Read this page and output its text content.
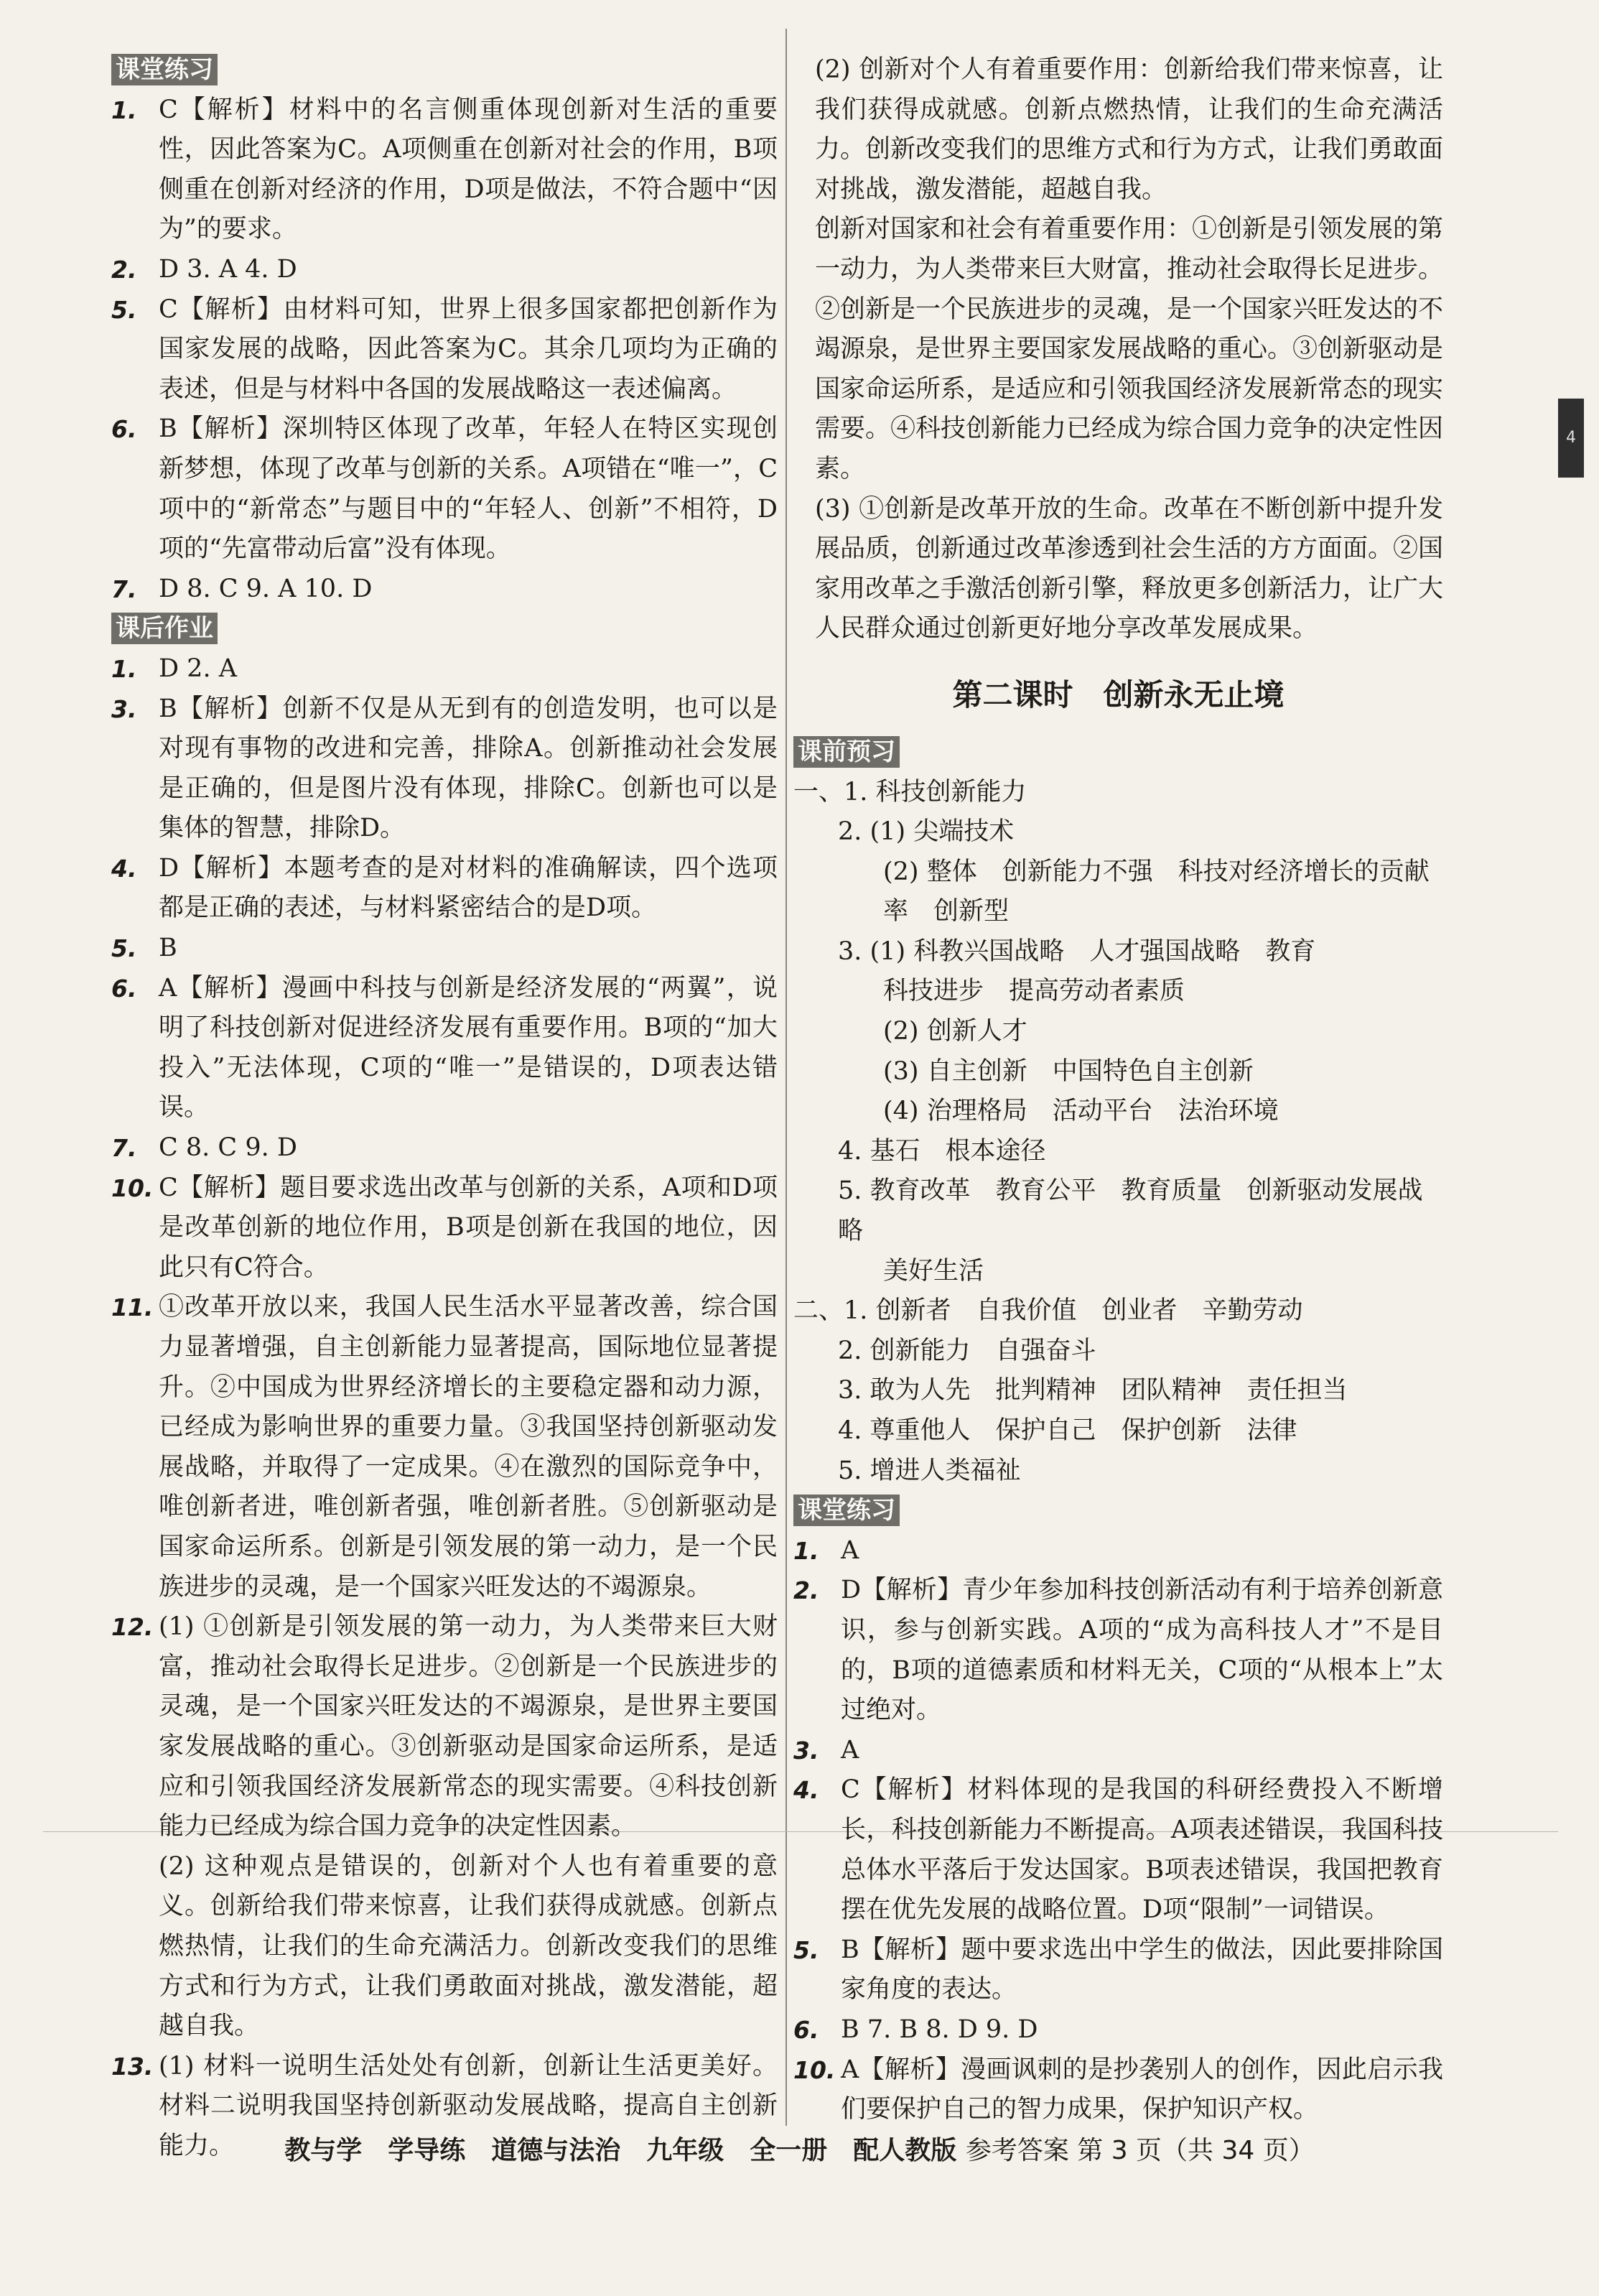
4
课堂练习
1. C【解析】材料中的名言侧重体现创新对生活的重要性，因此答案为C。A项侧重在创新对社会的作用，B项侧重在创新对经济的作用，D项是做法，不符合题中“因为”的要求。
2. D 3. A 4. D
5. C【解析】由材料可知，世界上很多国家都把创新作为国家发展的战略，因此答案为C。其余几项均为正确的表述，但是与材料中各国的发展战略这一表述偏离。
6. B【解析】深圳特区体现了改革，年轻人在特区实现创新梦想，体现了改革与创新的关系。A项错在“唯一”，C项中的“新常态”与题目中的“年轻人、创新”不相符，D项的“先富带动后富”没有体现。
7. D 8. C 9. A 10. D
课后作业
1. D 2. A
3. B【解析】创新不仅是从无到有的创造发明，也可以是对现有事物的改进和完善，排除A。创新推动社会发展是正确的，但是图片没有体现，排除C。创新也可以是集体的智慧，排除D。
4. D【解析】本题考查的是对材料的准确解读，四个选项都是正确的表述，与材料紧密结合的是D项。
5. B
6. A【解析】漫画中科技与创新是经济发展的“两翼”，说明了科技创新对促进经济发展有重要作用。B项的“加大投入”无法体现，C项的“唯一”是错误的，D项表达错误。
7. C 8. C 9. D
10. C【解析】题目要求选出改革与创新的关系，A项和D项是改革创新的地位作用，B项是创新在我国的地位，因此只有C符合。
11. ①改革开放以来，我国人民生活水平显著改善，综合国力显著增强，自主创新能力显著提高，国际地位显著提升。②中国成为世界经济增长的主要稳定器和动力源，已经成为影响世界的重要力量。③我国坚持创新驱动发展战略，并取得了一定成果。④在激烈的国际竞争中，唯创新者进，唯创新者强，唯创新者胜。⑤创新驱动是国家命运所系。创新是引领发展的第一动力，是一个民族进步的灵魂，是一个国家兴旺发达的不竭源泉。
12. (1) ①创新是引领发展的第一动力，为人类带来巨大财富，推动社会取得长足进步。②创新是一个民族进步的灵魂，是一个国家兴旺发达的不竭源泉，是世界主要国家发展战略的重心。③创新驱动是国家命运所系，是适应和引领我国经济发展新常态的现实需要。④科技创新能力已经成为综合国力竞争的决定性因素。
(2) 这种观点是错误的，创新对个人也有着重要的意义。创新给我们带来惊喜，让我们获得成就感。创新点燃热情，让我们的生命充满活力。创新改变我们的思维方式和行为方式，让我们勇敢面对挑战，激发潜能，超越自我。
13. (1) 材料一说明生活处处有创新，创新让生活更美好。材料二说明我国坚持创新驱动发展战略，提高自主创新能力。
(2) 创新对个人有着重要作用：创新给我们带来惊喜，让我们获得成就感。创新点燃热情，让我们的生命充满活力。创新改变我们的思维方式和行为方式，让我们勇敢面对挑战，激发潜能，超越自我。
创新对国家和社会有着重要作用：①创新是引领发展的第一动力，为人类带来巨大财富，推动社会取得长足进步。②创新是一个民族进步的灵魂，是一个国家兴旺发达的不竭源泉，是世界主要国家发展战略的重心。③创新驱动是国家命运所系，是适应和引领我国经济发展新常态的现实需要。④科技创新能力已经成为综合国力竞争的决定性因素。
(3) ①创新是改革开放的生命。改革在不断创新中提升发展品质，创新通过改革渗透到社会生活的方方面面。②国家用改革之手激活创新引擎，释放更多创新活力，让广大人民群众通过创新更好地分享改革发展成果。
第二课时　创新永无止境
课前预习
一、1. 科技创新能力
2. (1) 尖端技术
(2) 整体　创新能力不强　科技对经济增长的贡献率　创新型
3. (1) 科教兴国战略　人才强国战略　教育
科技进步　提高劳动者素质
(2) 创新人才
(3) 自主创新　中国特色自主创新
(4) 治理格局　活动平台　法治环境
4. 基石　根本途径
5. 教育改革　教育公平　教育质量　创新驱动发展战略
美好生活
二、1. 创新者　自我价值　创业者　辛勤劳动
2. 创新能力　自强奋斗
3. 敢为人先　批判精神　团队精神　责任担当
4. 尊重他人　保护自己　保护创新　法律
5. 增进人类福祉
课堂练习
1. A
2. D【解析】青少年参加科技创新活动有利于培养创新意识，参与创新实践。A项的“成为高科技人才”不是目的，B项的道德素质和材料无关，C项的“从根本上”太过绝对。
3. A
4. C【解析】材料体现的是我国的科研经费投入不断增长，科技创新能力不断提高。A项表述错误，我国科技总体水平落后于发达国家。B项表述错误，我国把教育摆在优先发展的战略位置。D项“限制”一词错误。
5. B【解析】题中要求选出中学生的做法，因此要排除国家角度的表达。
6. B 7. B 8. D 9. D
10. A【解析】漫画讽刺的是抄袭别人的创作，因此启示我们要保护自己的智力成果，保护知识产权。
教与学　学导练　道德与法治　九年级　全一册　配人教版 参考答案 第 3 页（共 34 页）
